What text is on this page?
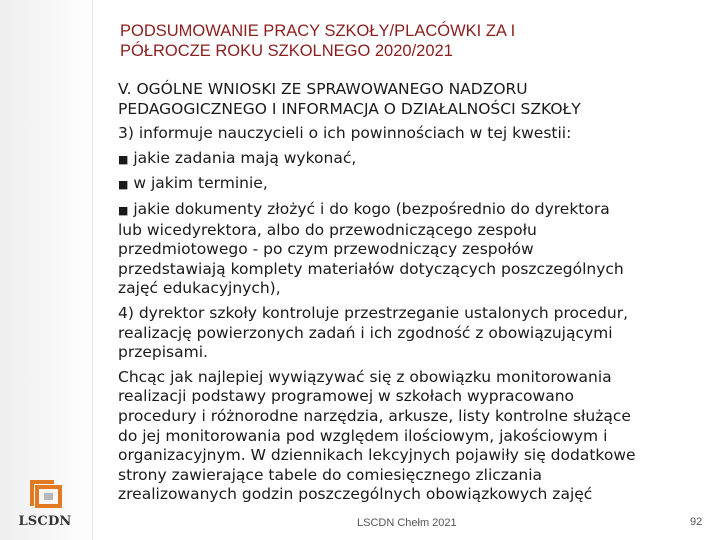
LSCDN
PODSUMOWANIE PRACY SZKOŁY/PLACÓWKI ZA I
PÓŁROCZE ROKU SZKOLNEGO 2020/2021
V. OGÓLNE WNIOSKI ZE SPRAWOWANEGO NADZORU
PEDAGOGICZNEGO I INFORMACJA O DZIAŁALNOŚCI SZKOŁY
3) informuje nauczycieli o ich powinnościach w tej kwestii:
■ jakie zadania mają wykonać,
■ w jakim terminie,
■ jakie dokumenty złożyć i do kogo (bezpośrednio do dyrektora
lub wicedyrektora, albo do przewodniczącego zespołu
przedmiotowego - po czym przewodniczący zespołów
przedstawiają komplety materiałów dotyczących poszczególnych
zajęć edukacyjnych),
4) dyrektor szkoły kontroluje przestrzeganie ustalonych procedur,
realizację powierzonych zadań i ich zgodność z obowiązującymi
przepisami.
Chcąc jak najlepiej wywiązywać się z obowiązku monitorowania
realizacji podstawy programowej w szkołach wypracowano
procedury i różnorodne narzędzia, arkusze, listy kontrolne służące
do jej monitorowania pod względem ilościowym, jakościowym i
organizacyjnym. W dziennikach lekcyjnych pojawiły się dodatkowe
strony zawierające tabele do comiesięcznego zliczania
zrealizowanych godzin poszczególnych obowiązkowych zajęć
LSCDN Chełm 2021	92
